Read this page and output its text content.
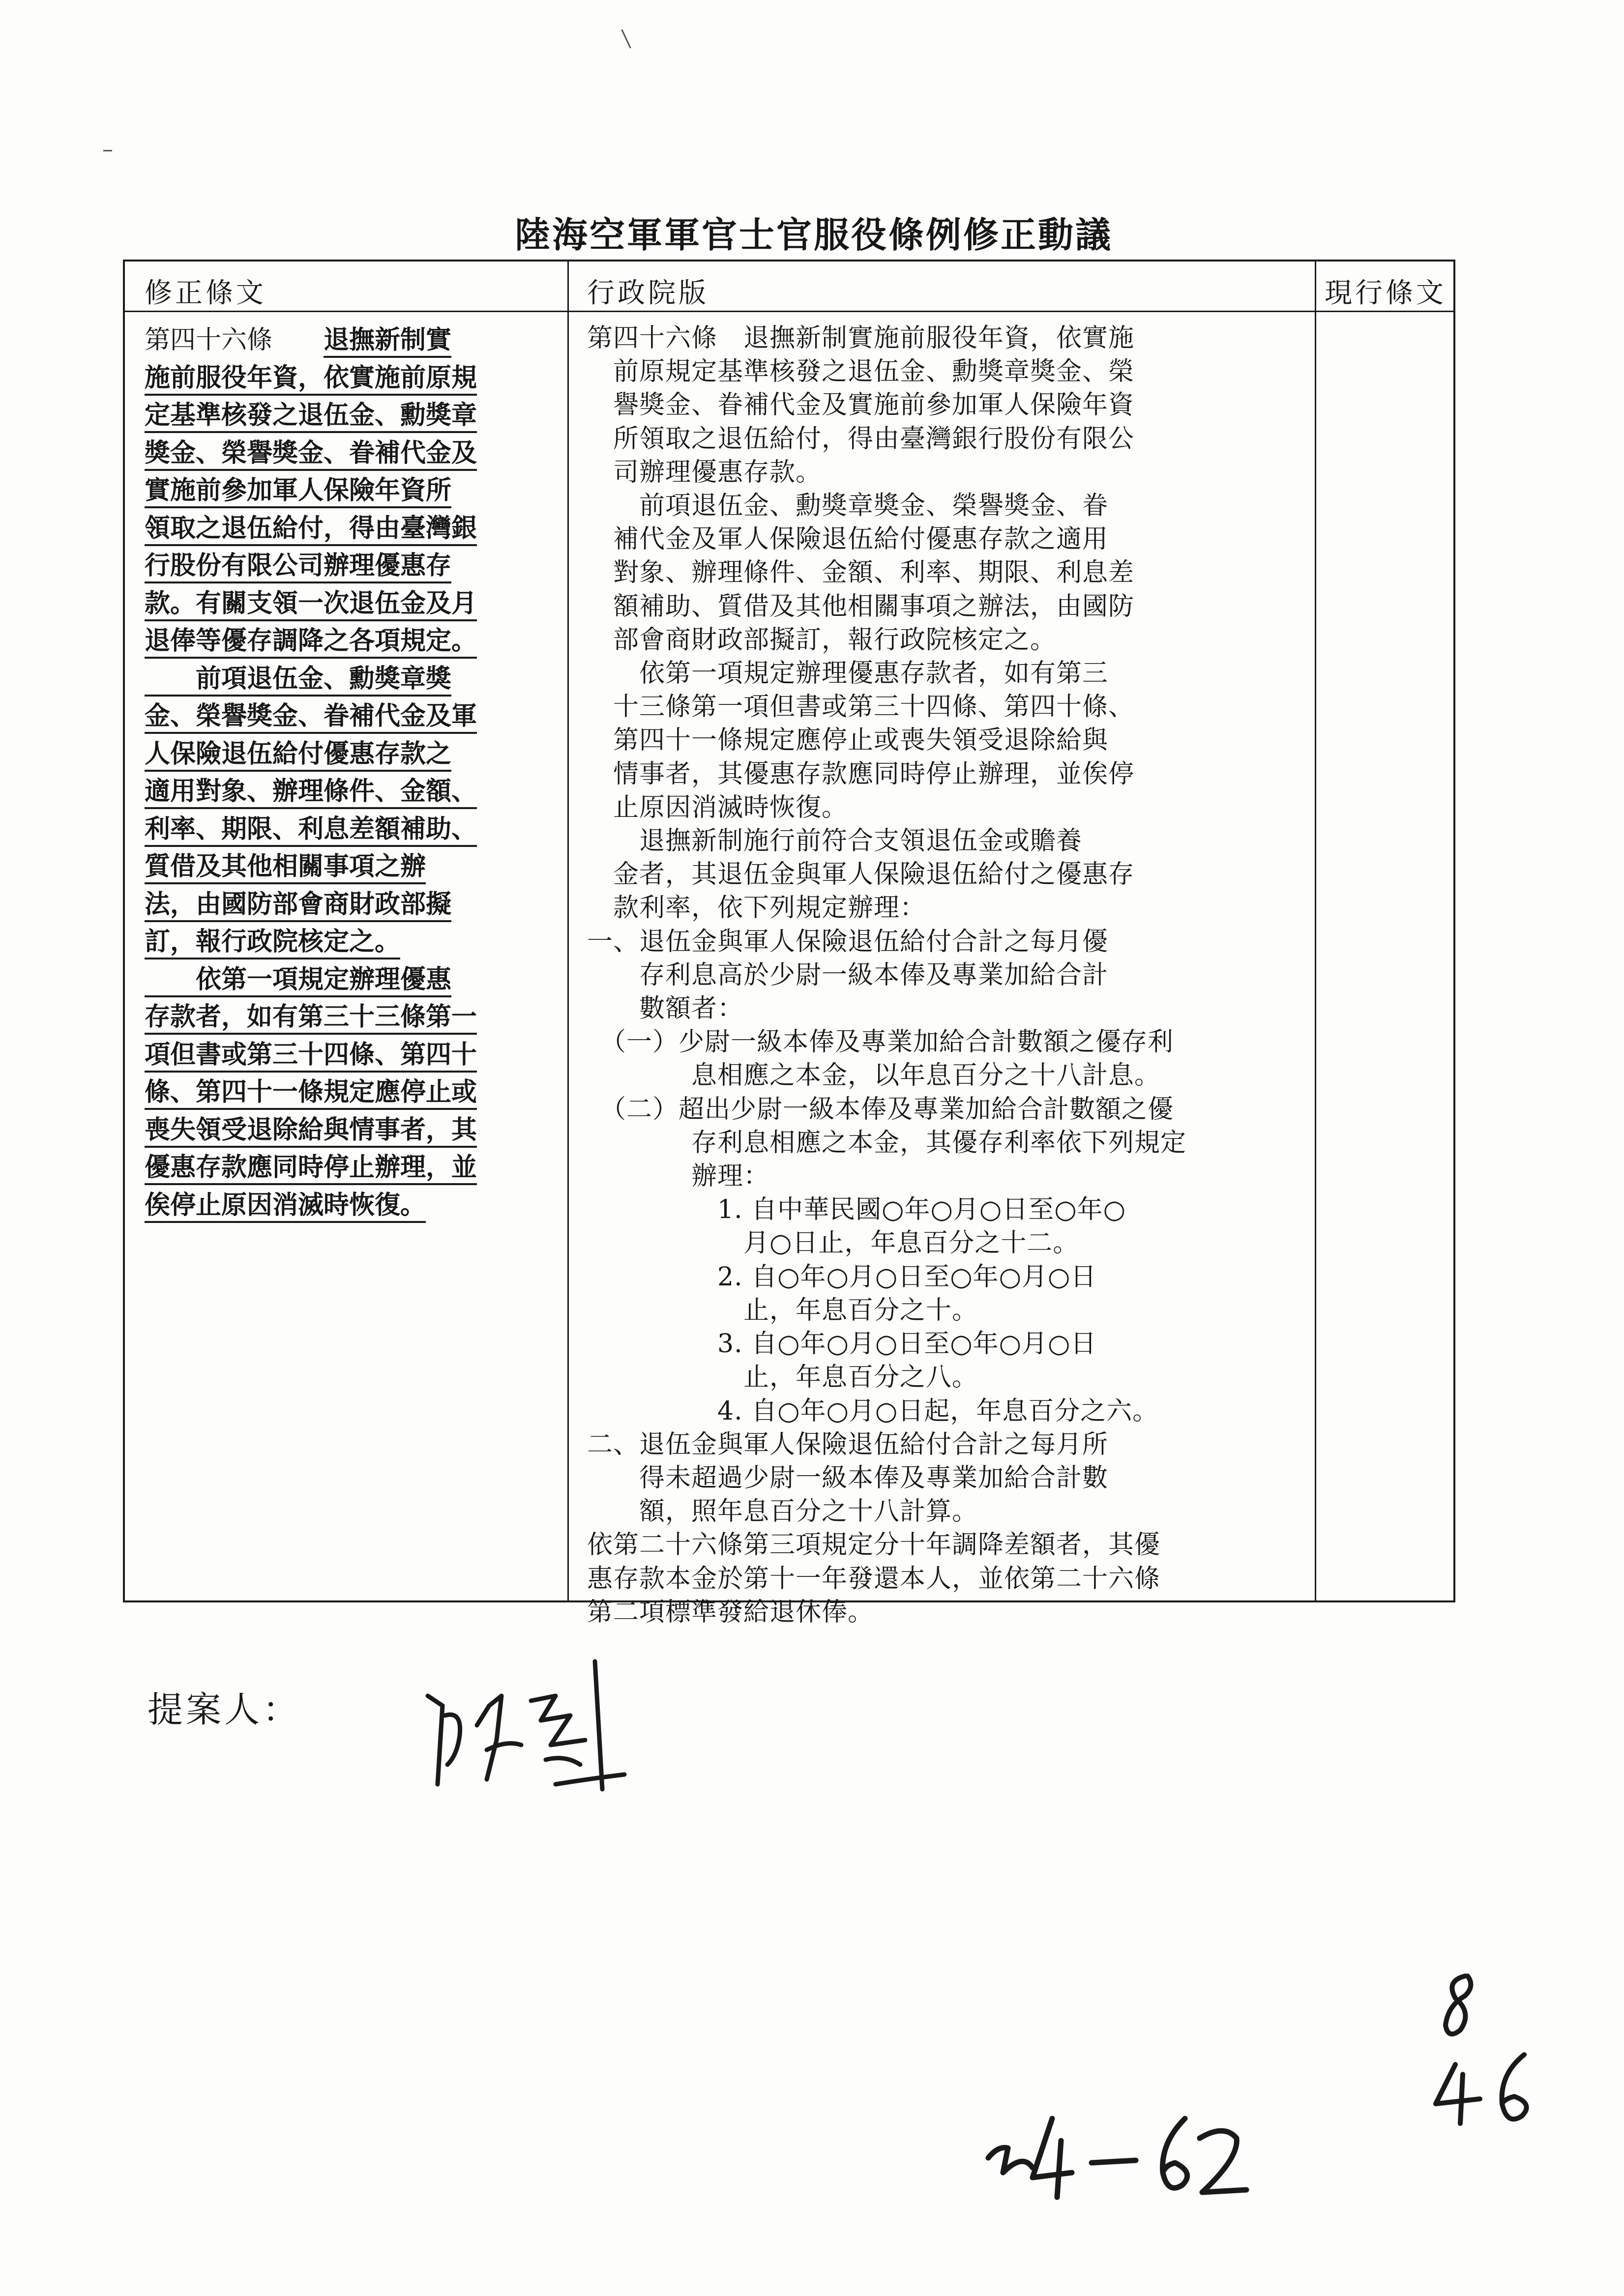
陸海空軍軍官士官服役條例修正動議
修正條文	行政院版	現行條文
第四十六條　　 退撫新制實
施前服役年資，依實施前原規
定基準核發之退伍金、勳獎章
獎金、榮譽獎金、眷補代金及
實施前參加軍人保險年資所
領取之退伍給付，得由臺灣銀
行股份有限公司辦理優惠存
款。有關支領一次退伍金及月
退俸等優存調降之各項規定。
　　前項退伍金、勳獎章獎
金、榮譽獎金、眷補代金及軍
人保險退伍給付優惠存款之
適用對象、辦理條件、金額、
利率、期限、利息差額補助、
質借及其他相關事項之辦
法，由國防部會商財政部擬
訂，報行政院核定之。
　　依第一項規定辦理優惠
存款者，如有第三十三條第一
項但書或第三十四條、第四十
條、第四十一條規定應停止或
喪失領受退除給與情事者，其
優惠存款應同時停止辦理，並
俟停止原因消滅時恢復。
第四十六條　退撫新制實施前服役年資，依實施
　前原規定基準核發之退伍金、勳獎章獎金、榮
　譽獎金、眷補代金及實施前參加軍人保險年資
　所領取之退伍給付，得由臺灣銀行股份有限公
　司辦理優惠存款。
　　前項退伍金、勳獎章獎金、榮譽獎金、眷
　補代金及軍人保險退伍給付優惠存款之適用
　對象、辦理條件、金額、利率、期限、利息差
　額補助、質借及其他相關事項之辦法，由國防
　部會商財政部擬訂，報行政院核定之。
　　依第一項規定辦理優惠存款者，如有第三
　十三條第一項但書或第三十四條、第四十條、
　第四十一條規定應停止或喪失領受退除給與
　情事者，其優惠存款應同時停止辦理，並俟停
　止原因消滅時恢復。
　　退撫新制施行前符合支領退伍金或贍養
　金者，其退伍金與軍人保險退伍給付之優惠存
　款利率，依下列規定辦理：
一、退伍金與軍人保險退伍給付合計之每月優
　　存利息高於少尉一級本俸及專業加給合計
　　數額者：
　（一）少尉一級本俸及專業加給合計數額之優存利
　　　　息相應之本金，以年息百分之十八計息。
　（二）超出少尉一級本俸及專業加給合計數額之優
　　　　存利息相應之本金，其優存利率依下列規定
　　　　辦理：
　　　　　1. 自中華民國○年○月○日至○年○
　　　　　　月○日止，年息百分之十二。
　　　　　2. 自○年○月○日至○年○月○日
　　　　　　止，年息百分之十。
　　　　　3. 自○年○月○日至○年○月○日
　　　　　　止，年息百分之八。
　　　　　4. 自○年○月○日起，年息百分之六。
二、退伍金與軍人保險退伍給付合計之每月所
　　得未超過少尉一級本俸及專業加給合計數
　　額，照年息百分之十八計算。
依第二十六條第三項規定分十年調降差額者，其優
惠存款本金於第十一年發還本人，並依第二十六條
第二項標準發給退休俸。
提案人：
